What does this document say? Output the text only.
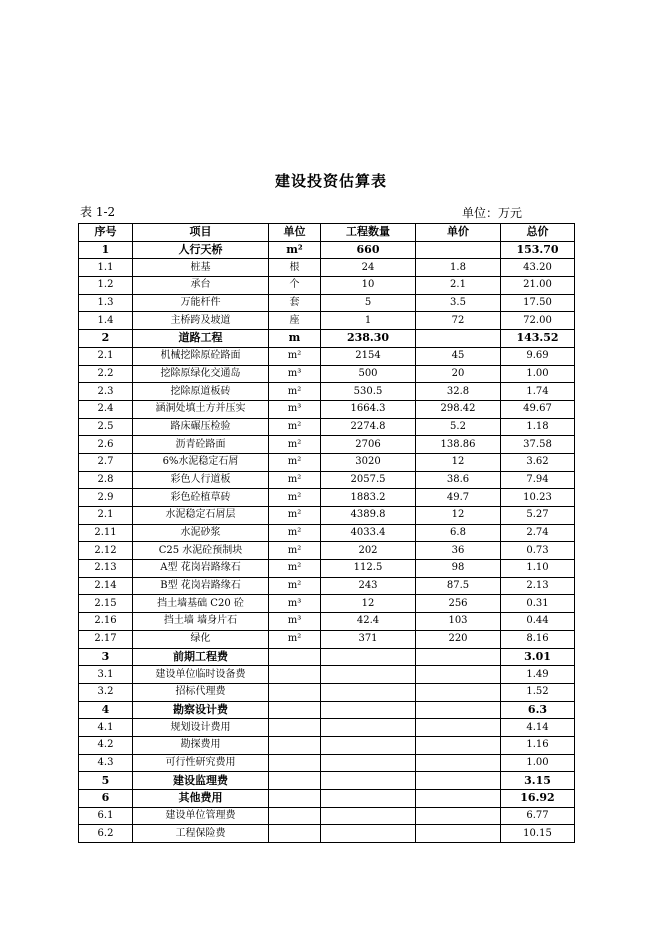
建设投资估算表
表 1-2	单位：万元
序号	项目	单位	工程数量	单价	总价
1	人行天桥	m²	660		153.70
1.1	桩基	根	24	1.8	43.20
1.2	承台	个	10	2.1	21.00
1.3	万能杆件	套	5	3.5	17.50
1.4	主桥跨及坡道	座	1	72	72.00
2	道路工程	m	238.30		143.52
2.1	机械挖除原砼路面	m²	2154	45	9.69
2.2	挖除原绿化交通岛	m³	500	20	1.00
2.3	挖除原道板砖	m²	530.5	32.8	1.74
2.4	涵洞处填土方并压实	m³	1664.3	298.42	49.67
2.5	路床碾压检验	m²	2274.8	5.2	1.18
2.6	沥青砼路面	m²	2706	138.86	37.58
2.7	6%水泥稳定石屑	m²	3020	12	3.62
2.8	彩色人行道板	m²	2057.5	38.6	7.94
2.9	彩色砼植草砖	m²	1883.2	49.7	10.23
2.1	水泥稳定石屑层	m²	4389.8	12	5.27
2.11	水泥砂浆	m²	4033.4	6.8	2.74
2.12	C25 水泥砼预制块	m²	202	36	0.73
2.13	A型 花岗岩路缘石	m²	112.5	98	1.10
2.14	B型 花岗岩路缘石	m²	243	87.5	2.13
2.15	挡土墙基础 C20 砼	m³	12	256	0.31
2.16	挡土墙 墙身片石	m³	42.4	103	0.44
2.17	绿化	m²	371	220	8.16
3	前期工程费				3.01
3.1	建设单位临时设备费				1.49
3.2	招标代理费				1.52
4	勘察设计费				6.3
4.1	规划设计费用				4.14
4.2	勘探费用				1.16
4.3	可行性研究费用				1.00
5	建设监理费				3.15
6	其他费用				16.92
6.1	建设单位管理费				6.77
6.2	工程保险费				10.15
